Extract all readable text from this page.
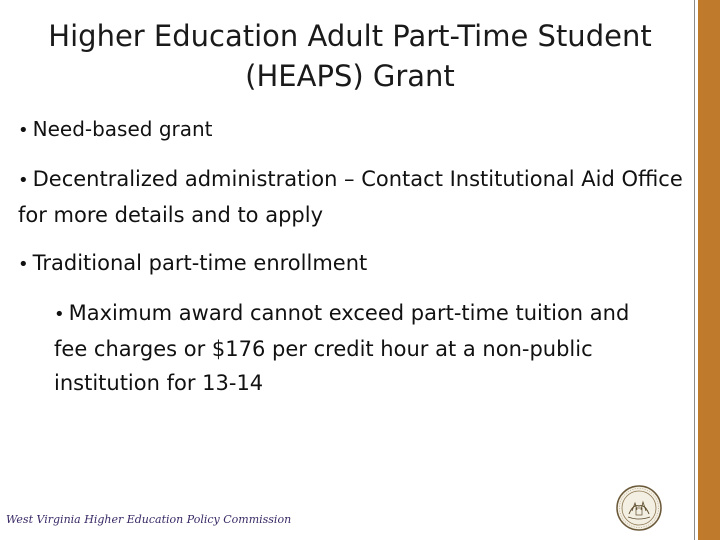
Higher Education Adult Part-Time Student
(HEAPS) Grant

• Need-based grant

• Decentralized administration – Contact Institutional Aid Office for more details and to apply

• Traditional part-time enrollment

• Maximum award cannot exceed part-time tuition and fee charges or $176 per credit hour at a non-public institution for 13-14

West Virginia Higher Education Policy Commission
